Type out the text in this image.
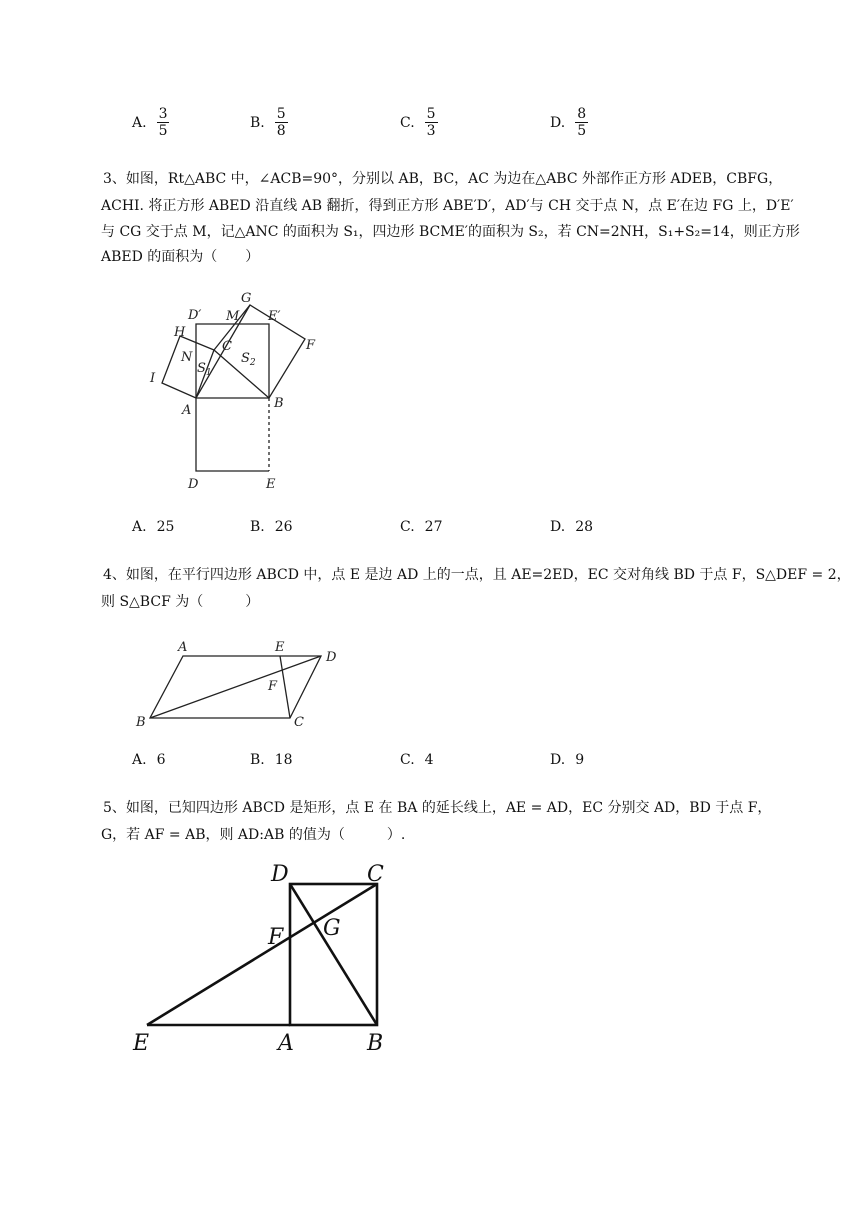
A. $\frac{3}{5}$	B. $\frac{5}{8}$	C. $\frac{5}{3}$	D. $\frac{8}{5}$
3、如图，Rt△ABC 中，∠ACB=90°，分别以 AB，BC，AC 为边在△ABC 外部作正方形 ADEB，CBFG，
ACHI. 将正方形 ABED 沿直线 AB 翻折，得到正方形 ABE′D′，AD′与 CH 交于点 N，点 E′在边 FG 上，D′E′
与 CG 交于点 M，记△ANC 的面积为 S₁，四边形 BCME′的面积为 S₂，若 CN=2NH，S₁+S₂=14，则正方形
ABED 的面积为（　　）
G
D′ M E′
H
C
$S_2$
F
N
$S_1$
I
A	B
D	E
A. 25	B. 26	C. 27	D. 28
4、如图，在平行四边形 ABCD 中，点 E 是边 AD 上的一点，且 AE=2ED，EC 交对角线 BD 于点 F，S△DEF = 2，
则 S△BCF 为（　　　）
A	E
D
F
B	C
A. 6	B. 18	C. 4	D. 9
5、如图，已知四边形 ABCD 是矩形，点 E 在 BA 的延长线上，AE = AD，EC 分别交 AD，BD 于点 F，
G，若 AF = AB，则 AD:AB 的值为（　　　）.
D	C
F G
E	A	B
